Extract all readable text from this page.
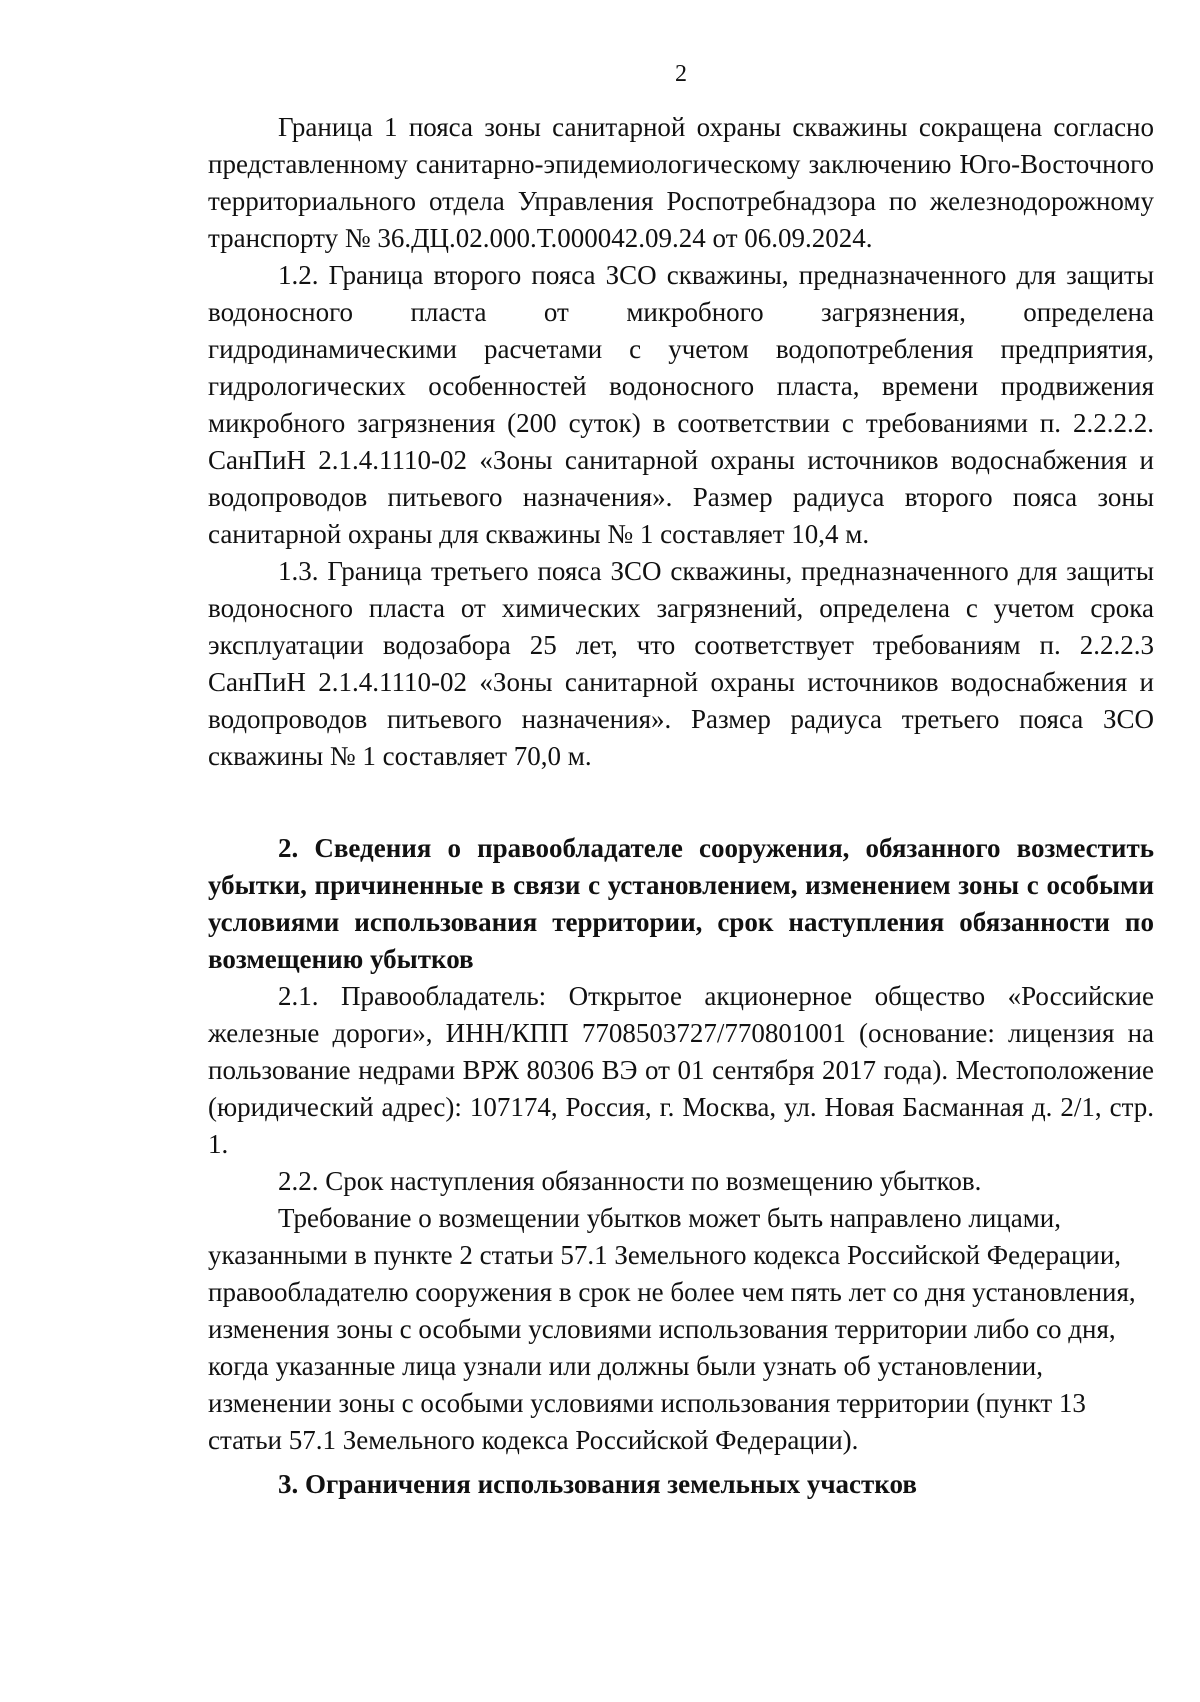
2

Граница 1 пояса зоны санитарной охраны скважины сокращена согласно представленному санитарно-эпидемиологическому заключению Юго-Восточного территориального отдела Управления Роспотребнадзора по железнодорожному транспорту № 36.ДЦ.02.000.Т.000042.09.24 от 06.09.2024.

1.2. Граница второго пояса ЗСО скважины, предназначенного для защиты водоносного пласта от микробного загрязнения, определена гидродинамическими расчетами с учетом водопотребления предприятия, гидрологических особенностей водоносного пласта, времени продвижения микробного загрязнения (200 суток) в соответствии с требованиями п. 2.2.2.2. СанПиН 2.1.4.1110-02 «Зоны санитарной охраны источников водоснабжения и водопроводов питьевого назначения». Размер радиуса второго пояса зоны санитарной охраны для скважины № 1 составляет 10,4 м.

1.3. Граница третьего пояса ЗСО скважины, предназначенного для защиты водоносного пласта от химических загрязнений, определена с учетом срока эксплуатации водозабора 25 лет, что соответствует требованиям п. 2.2.2.3 СанПиН 2.1.4.1110-02 «Зоны санитарной охраны источников водоснабжения и водопроводов питьевого назначения». Размер радиуса третьего пояса ЗСО скважины № 1 составляет 70,0 м.

2. Сведения о правообладателе сооружения, обязанного возместить убытки, причиненные в связи с установлением, изменением зоны с особыми условиями использования территории, срок наступления обязанности по возмещению убытков

2.1. Правообладатель: Открытое акционерное общество «Российские железные дороги», ИНН/КПП 7708503727/770801001 (основание: лицензия на пользование недрами ВРЖ 80306 ВЭ от 01 сентября 2017 года). Местоположение (юридический адрес): 107174, Россия, г. Москва, ул. Новая Басманная д. 2/1, стр. 1.

2.2. Срок наступления обязанности по возмещению убытков.

Требование о возмещении убытков может быть направлено лицами, указанными в пункте 2 статьи 57.1 Земельного кодекса Российской Федерации, правообладателю сооружения в срок не более чем пять лет со дня установления, изменения зоны с особыми условиями использования территории либо со дня, когда указанные лица узнали или должны были узнать об установлении, изменении зоны с особыми условиями использования территории (пункт 13 статьи 57.1 Земельного кодекса Российской Федерации).

3. Ограничения использования земельных участков
